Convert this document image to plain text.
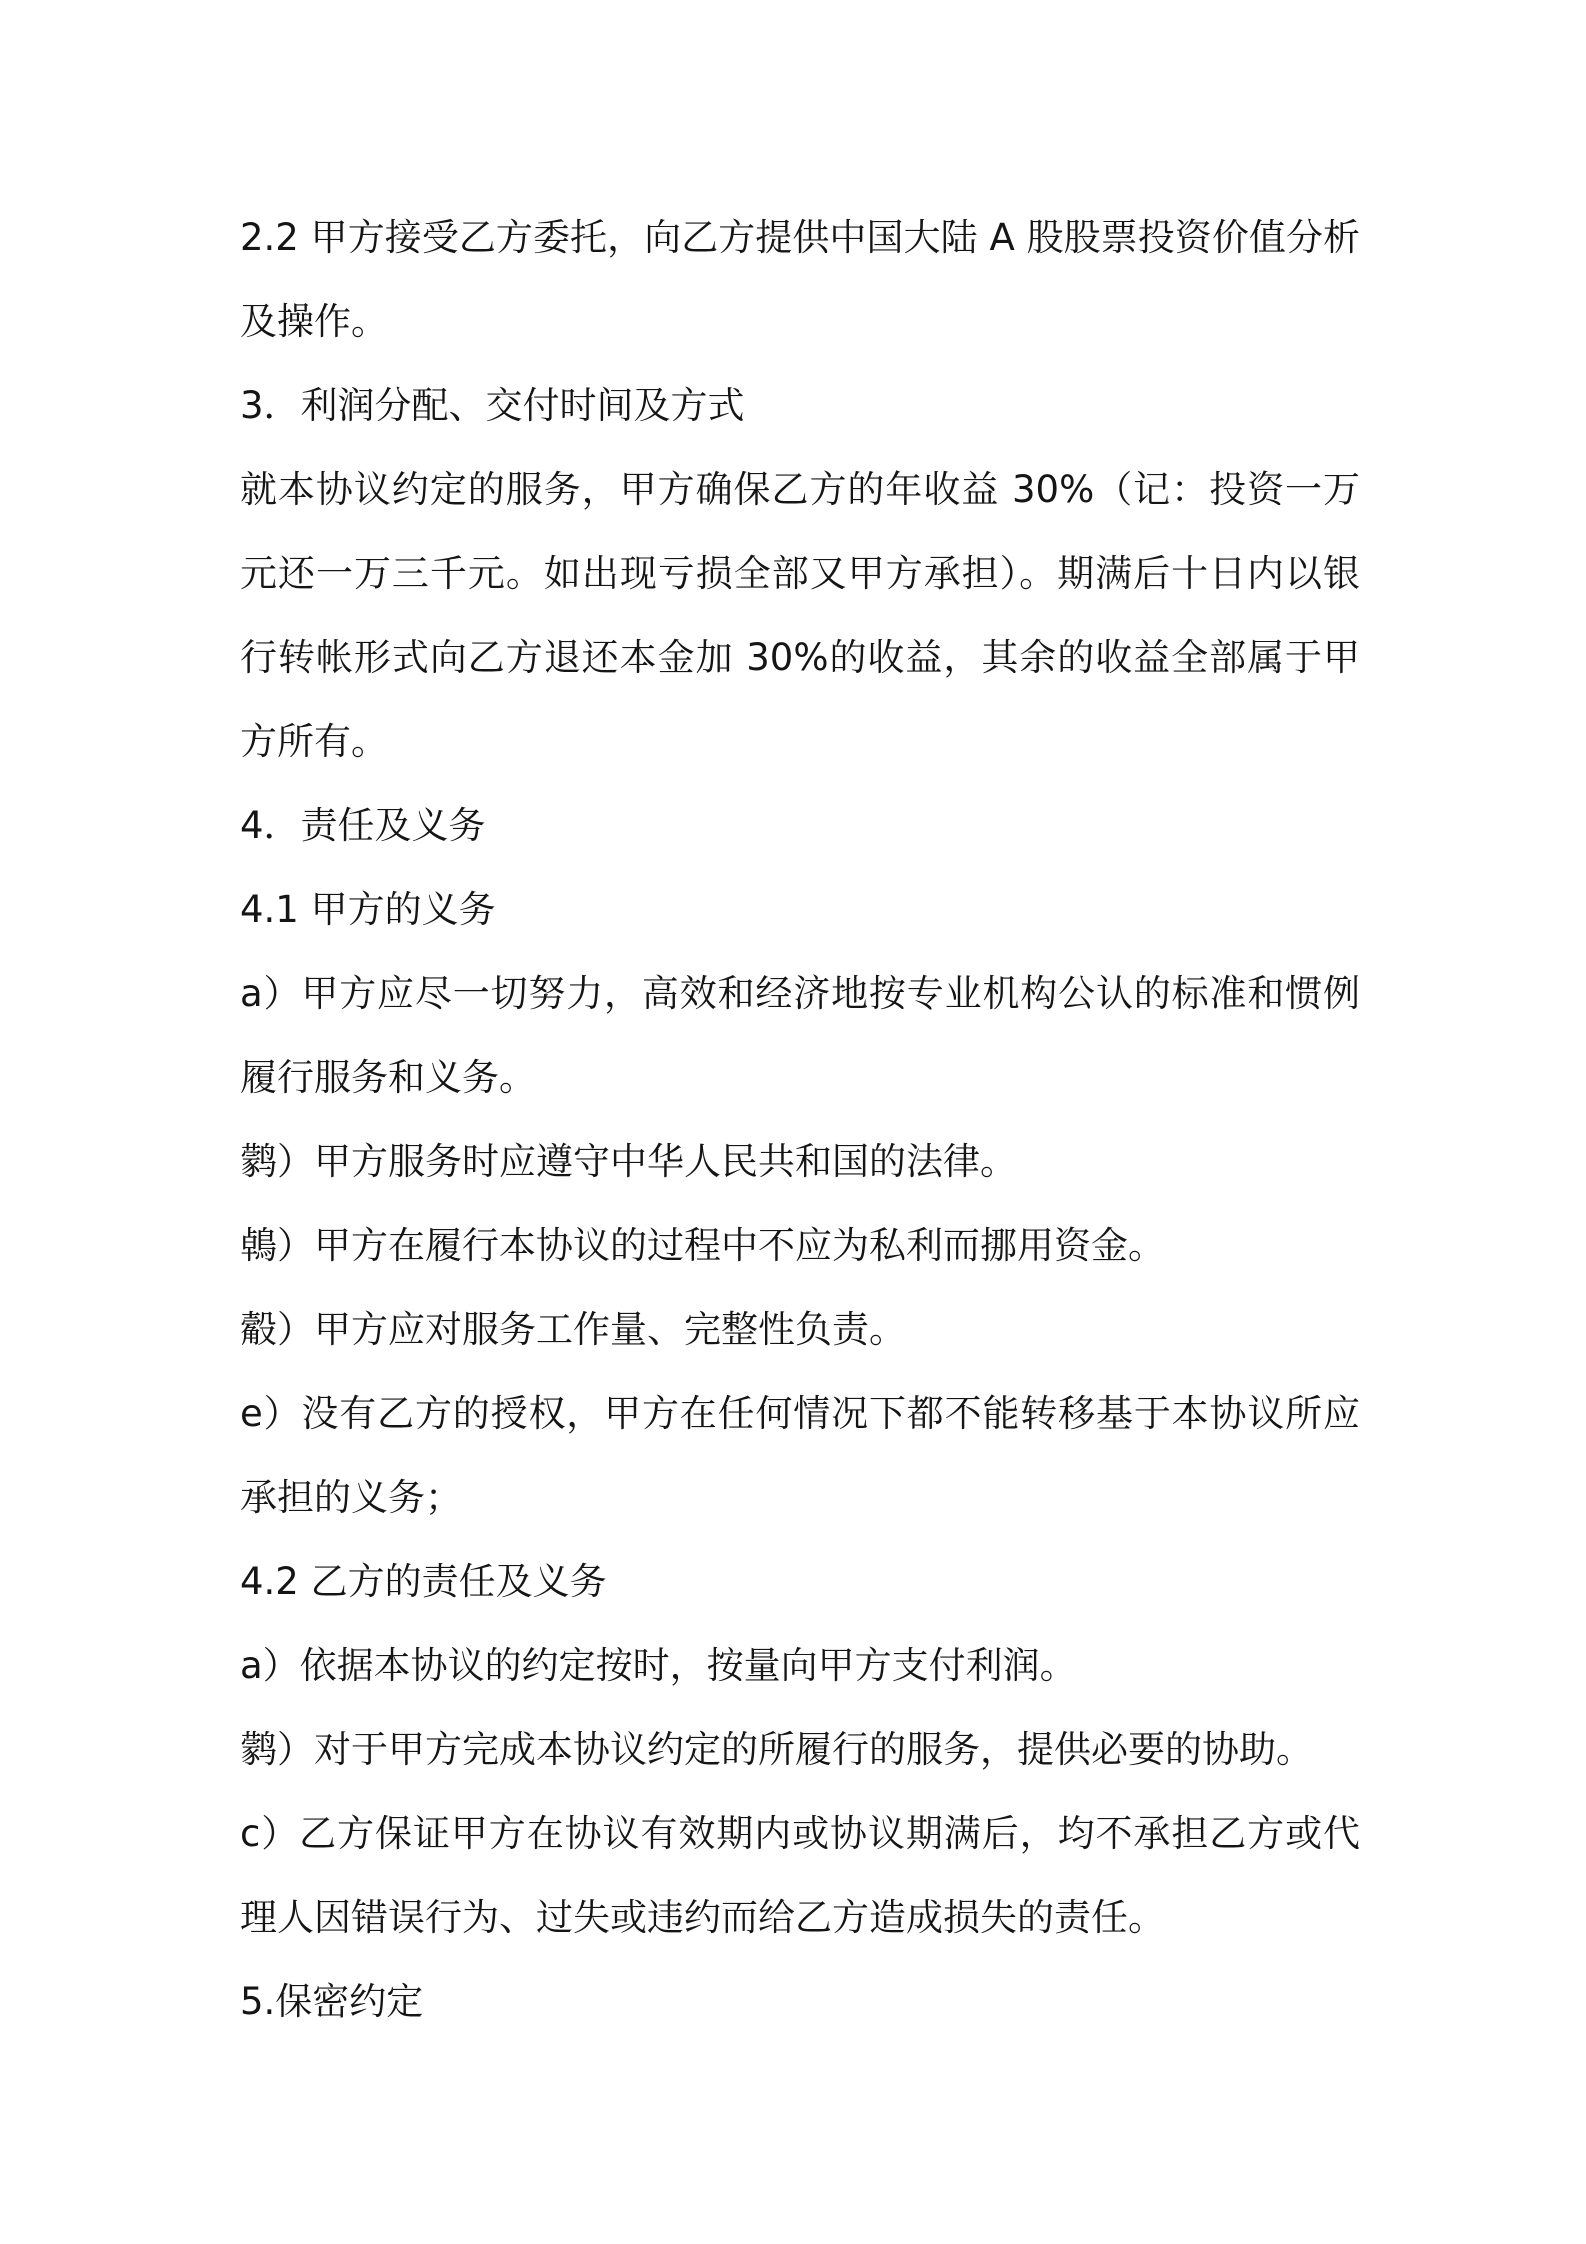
2.2 甲方接受乙方委托，向乙方提供中国大陆 A 股股票投资价值分析
及操作。
3．利润分配、交付时间及方式
就本协议约定的服务，甲方确保乙方的年收益 30%（记：投资一万
元还一万三千元。如出现亏损全部又甲方承担）。期满后十日内以银
行转帐形式向乙方退还本金加 30%的收益，其余的收益全部属于甲
方所有。
4．责任及义务
4.1 甲方的义务
a）甲方应尽一切努力，高效和经济地按专业机构公认的标准和惯例
履行服务和义务。
鹲）甲方服务时应遵守中华人民共和国的法律。
鵫）甲方在履行本协议的过程中不应为私利而挪用资金。
觳）甲方应对服务工作量、完整性负责。
e）没有乙方的授权，甲方在任何情况下都不能转移基于本协议所应
承担的义务；
4.2 乙方的责任及义务
a）依据本协议的约定按时，按量向甲方支付利润。
鹲）对于甲方完成本协议约定的所履行的服务，提供必要的协助。
c）乙方保证甲方在协议有效期内或协议期满后，均不承担乙方或代
理人因错误行为、过失或违约而给乙方造成损失的责任。
5.保密约定
